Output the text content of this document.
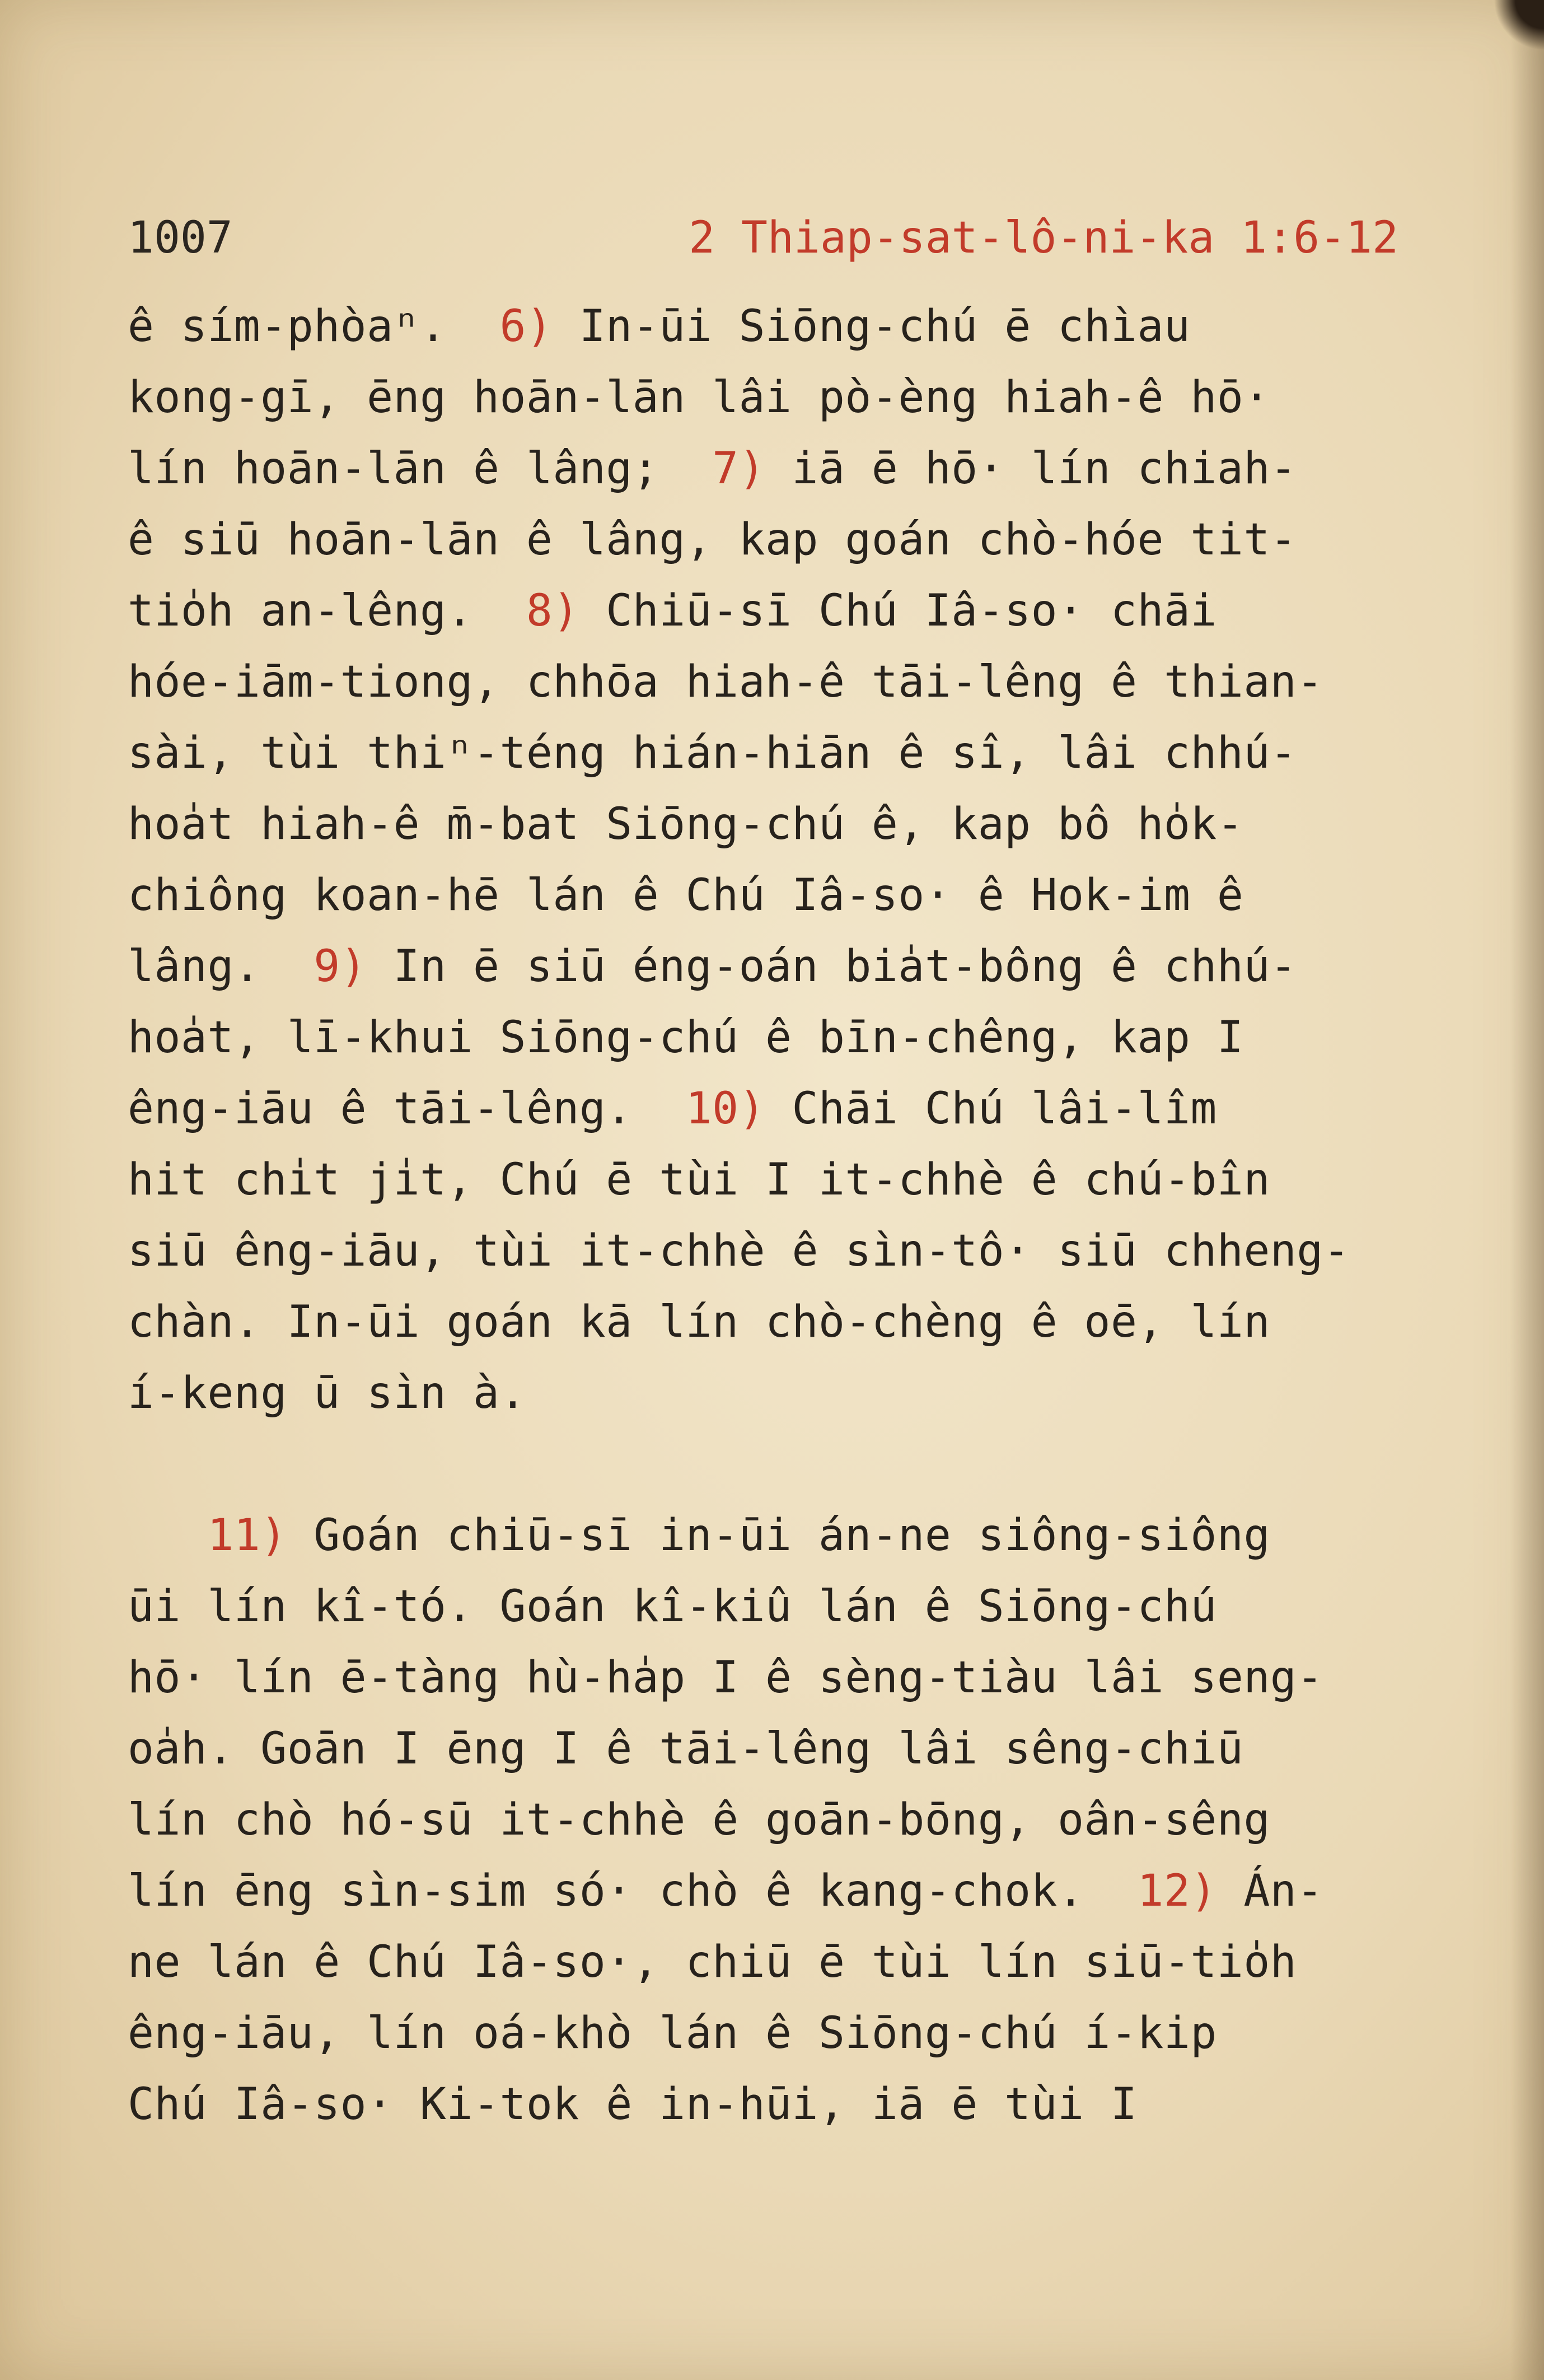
1007	2 Thiap-sat-lô-ni-ka 1:6-12
ê sím-phòaⁿ.  6) In-ūi Siōng-chú ē chìau
kong-gī, ēng hoān-lān lâi pò-èng hiah-ê hō·
lín hoān-lān ê lâng;  7) iā ē hō· lín chiah-
ê siū hoān-lān ê lâng, kap goán chò-hóe tit-
tio̍h an-lêng.  8) Chiū-sī Chú Iâ-so· chāi
hóe-iām-tiong, chhōa hiah-ê tāi-lêng ê thian-
sài, tùi thiⁿ-téng hián-hiān ê sî, lâi chhú-
hoa̍t hiah-ê m̄-bat Siōng-chú ê, kap bô ho̍k-
chiông koan-hē lán ê Chú Iâ-so· ê Hok-im ê
lâng.  9) In ē siū éng-oán bia̍t-bông ê chhú-
hoa̍t, lī-khui Siōng-chú ê bīn-chêng, kap I
êng-iāu ê tāi-lêng.  10) Chāi Chú lâi-lîm
hit chi̍t ji̍t, Chú ē tùi I it-chhè ê chú-bîn
siū êng-iāu, tùi it-chhè ê sìn-tô· siū chheng-
chàn. In-ūi goán kā lín chò-chèng ê oē, lín
í-keng ū sìn à.
11) Goán chiū-sī in-ūi án-ne siông-siông
ūi lín kî-tó. Goán kî-kiû lán ê Siōng-chú
hō· lín ē-tàng hù-ha̍p I ê sèng-tiàu lâi seng-
oa̍h. Goān I ēng I ê tāi-lêng lâi sêng-chiū
lín chò hó-sū it-chhè ê goān-bōng, oân-sêng
lín ēng sìn-sim só· chò ê kang-chok.  12) Án-
ne lán ê Chú Iâ-so·, chiū ē tùi lín siū-tio̍h
êng-iāu, lín oá-khò lán ê Siōng-chú í-kip
Chú Iâ-so· Ki-tok ê in-hūi, iā ē tùi I
